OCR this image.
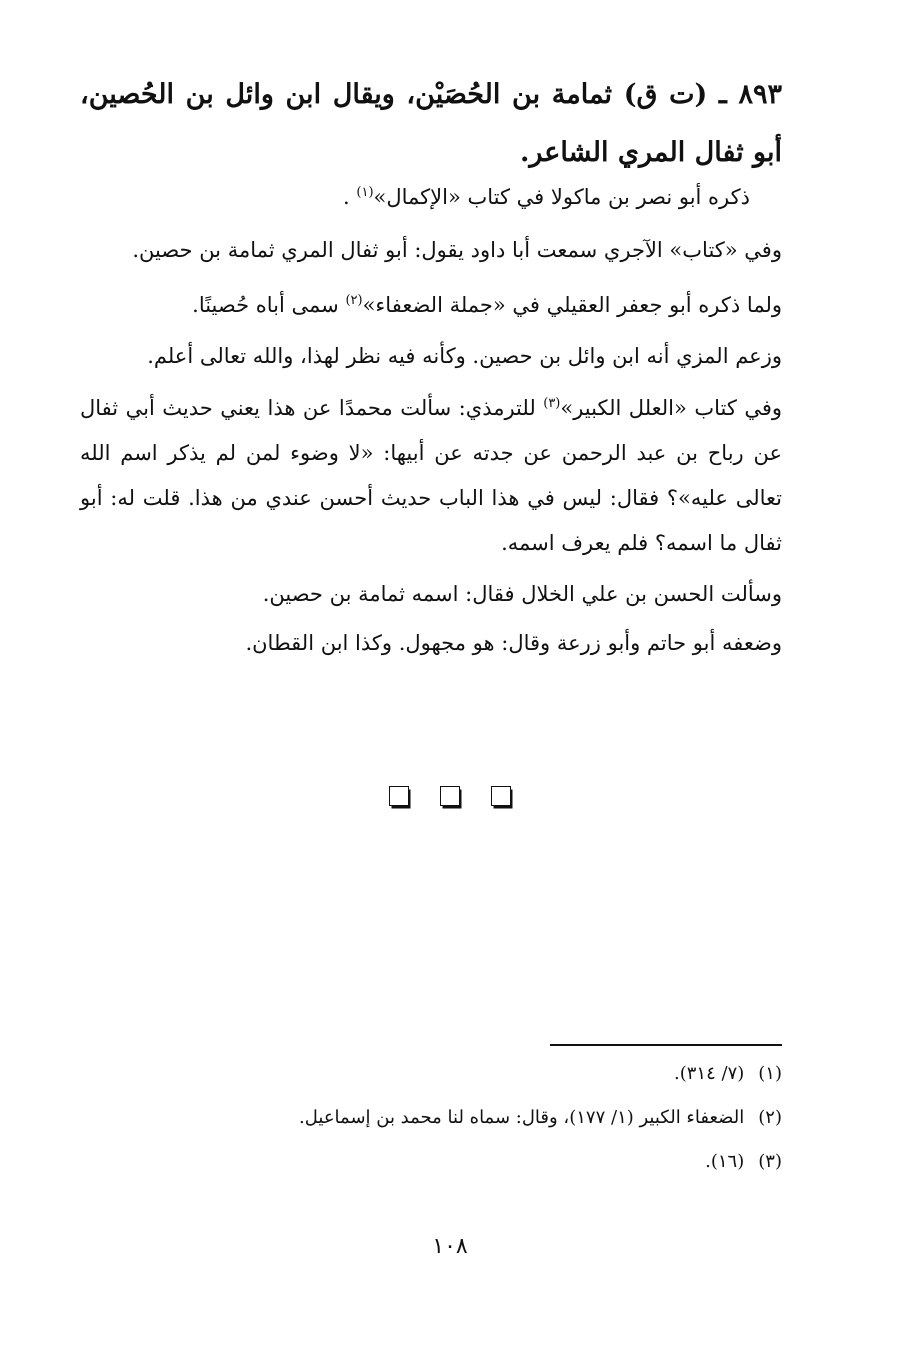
٨٩٣ ـ (ت ق) ثمامة بن الحُصَيْن، ويقال ابن وائل بن الحُصين، أبو ثفال المري الشاعر.
ذكره أبو نصر بن ماكولا في كتاب «الإكمال»$^{(١)}$ .
وفي «كتاب» الآجري سمعت أبا داود يقول: أبو ثفال المري ثمامة بن حصين.
ولما ذكره أبو جعفر العقيلي في «جملة الضعفاء»$^{(٢)}$ سمى أباه حُصينًا.
وزعم المزي أنه ابن وائل بن حصين. وكأنه فيه نظر لهذا، والله تعالى أعلم.
وفي كتاب «العلل الكبير»$^{(٣)}$ للترمذي: سألت محمدًا عن هذا يعني حديث أبي ثفال عن رباح بن عبد الرحمن عن جدته عن أبيها: «لا وضوء لمن لم يذكر اسم الله تعالى عليه»؟ فقال: ليس في هذا الباب حديث أحسن عندي من هذا. قلت له: أبو ثفال ما اسمه؟ فلم يعرف اسمه.
وسألت الحسن بن علي الخلال فقال: اسمه ثمامة بن حصين.
وضعفه أبو حاتم وأبو زرعة وقال: هو مجهول. وكذا ابن القطان.

(١)(٧/ ٣١٤).
(٢)الضعفاء الكبير (١/ ١٧٧)، وقال: سماه لنا محمد بن إسماعيل.
(٣)(١٦).
١٠٨
